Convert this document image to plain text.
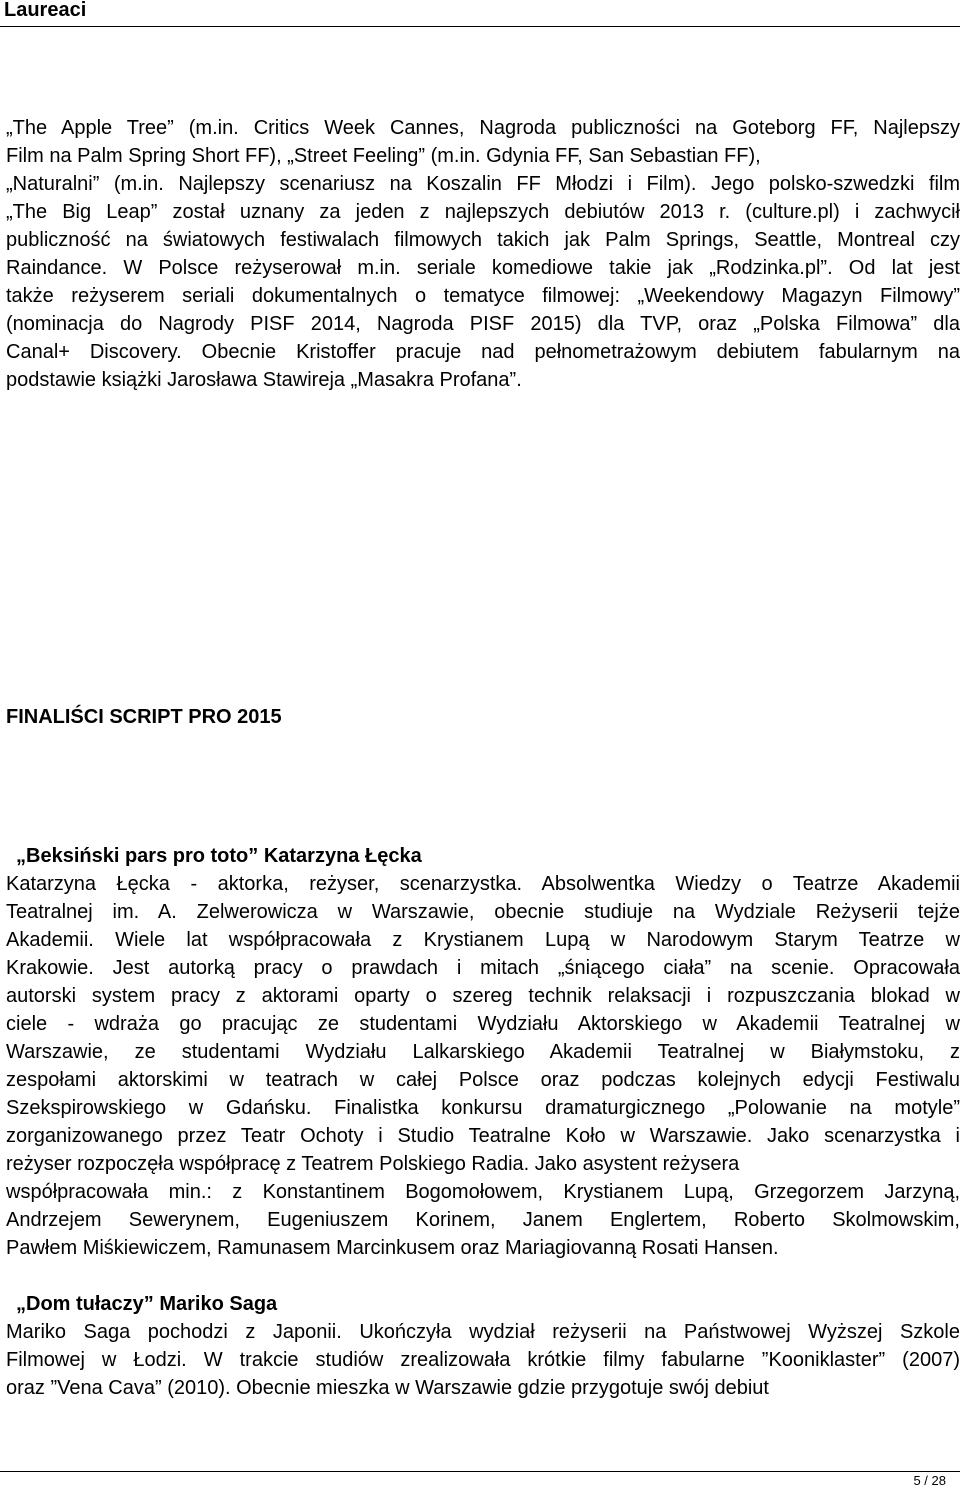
Laureaci
„The Apple Tree” (m.in. Critics Week Cannes, Nagroda publiczności na Goteborg FF, Najlepszy
Film na Palm Spring Short FF), „Street Feeling” (m.in. Gdynia FF, San Sebastian FF),
„Naturalni” (m.in. Najlepszy scenariusz na Koszalin FF Młodzi i Film). Jego polsko-szwedzki film
„The Big Leap” został uznany za jeden z najlepszych debiutów 2013 r. (culture.pl) i zachwycił
publiczność na światowych festiwalach filmowych takich jak Palm Springs, Seattle, Montreal czy
Raindance. W Polsce reżyserował m.in. seriale komediowe takie jak „Rodzinka.pl”. Od lat jest
także reżyserem seriali dokumentalnych o tematyce filmowej: „Weekendowy Magazyn Filmowy”
(nominacja do Nagrody PISF 2014, Nagroda PISF 2015) dla TVP, oraz „Polska Filmowa” dla
Canal+ Discovery. Obecnie Kristoffer pracuje nad pełnometrażowym debiutem fabularnym na
podstawie książki Jarosława Stawireja „Masakra Profana”.
FINALIŚCI SCRIPT PRO 2015
„Beksiński pars pro toto” Katarzyna Łęcka
Katarzyna Łęcka - aktorka, reżyser, scenarzystka. Absolwentka Wiedzy o Teatrze Akademii
Teatralnej im. A. Zelwerowicza w Warszawie, obecnie studiuje na Wydziale Reżyserii tejże
Akademii. Wiele lat współpracowała z Krystianem Lupą w Narodowym Starym Teatrze w
Krakowie. Jest autorką pracy o prawdach i mitach „śniącego ciała” na scenie. Opracowała
autorski system pracy z aktorami oparty o szereg technik relaksacji i rozpuszczania blokad w
ciele - wdraża go pracując ze studentami Wydziału Aktorskiego w Akademii Teatralnej w
Warszawie, ze studentami Wydziału Lalkarskiego Akademii Teatralnej w Białymstoku, z
zespołami aktorskimi w teatrach w całej Polsce oraz podczas kolejnych edycji Festiwalu
Szekspirowskiego w Gdańsku. Finalistka konkursu dramaturgicznego „Polowanie na motyle”
zorganizowanego przez Teatr Ochoty i Studio Teatralne Koło w Warszawie. Jako scenarzystka i
reżyser rozpoczęła współpracę z Teatrem Polskiego Radia. Jako asystent reżysera
współpracowała min.: z Konstantinem Bogomołowem, Krystianem Lupą, Grzegorzem Jarzyną,
Andrzejem Sewerynem, Eugeniuszem Korinem, Janem Englertem, Roberto Skolmowskim,
Pawłem Miśkiewiczem, Ramunasem Marcinkusem oraz Mariagiovanną Rosati Hansen.
„Dom tułaczy” Mariko Saga
Mariko Saga pochodzi z Japonii. Ukończyła wydział reżyserii na Państwowej Wyższej Szkole
Filmowej w Łodzi. W trakcie studiów zrealizowała krótkie filmy fabularne ”Kooniklaster” (2007)
oraz ”Vena Cava” (2010). Obecnie mieszka w Warszawie gdzie przygotuje swój debiut
5 / 28
